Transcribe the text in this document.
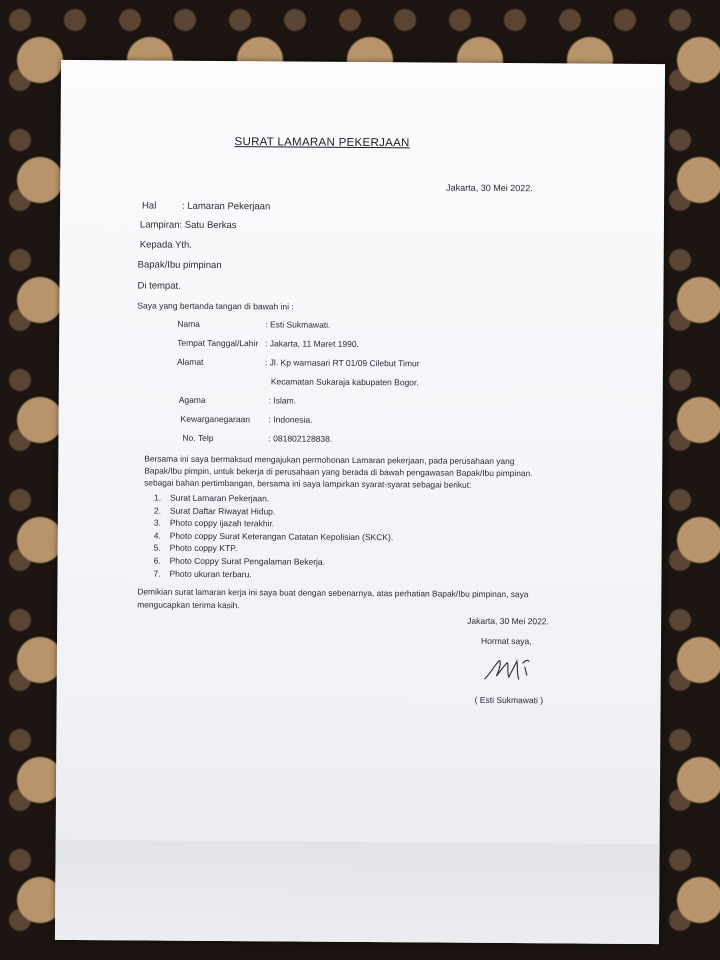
SURAT LAMARAN PEKERJAAN
Jakarta, 30 Mei 2022.
Hal	: Lamaran Pekerjaan
Lampiran: Satu Berkas
Kepada Yth.
Bapak/Ibu pimpinan
Di tempat.
Saya yang bertanda tangan di bawah ini :
Nama	: Esti Sukmawati.
Tempat Tanggal/Lahir : Jakarta, 11 Maret 1990.
Alamat	: Jl. Kp warnasari RT 01/09 Cilebut Timur
Kecamatan Sukaraja kabupaten Bogor.
Agama	: Islam.
Kewarganegaraan : Indonesia.
No. Telp	: 081802128838.
Bersama ini saya bermaksud mengajukan permohonan Lamaran pekerjaan, pada perusahaan yang
Bapak/Ibu pimpin, untuk bekerja di perusahaan yang berada di bawah pengawasan Bapak/Ibu pimpinan.
sebagai bahan pertimbangan, bersama ini saya lampirkan syarat-syarat sebagai berikut:
1. Surat Lamaran Pekerjaan.
2. Surat Daftar Riwayat Hidup.
3. Photo coppy ijazah terakhir.
4. Photo coppy Surat Keterangan Catatan Kepolisian (SKCK).
5. Photo coppy KTP.
6. Photo Coppy Surat Pengalaman Bekerja.
7. Photo ukuran terbaru.
Demikian surat lamaran kerja ini saya buat dengan sebenarnya, atas perhatian Bapak/Ibu pimpinan, saya
mengucapkan terima kasih.
Jakarta, 30 Mei 2022.
Hormat saya,
( Esti Sukmawati )
